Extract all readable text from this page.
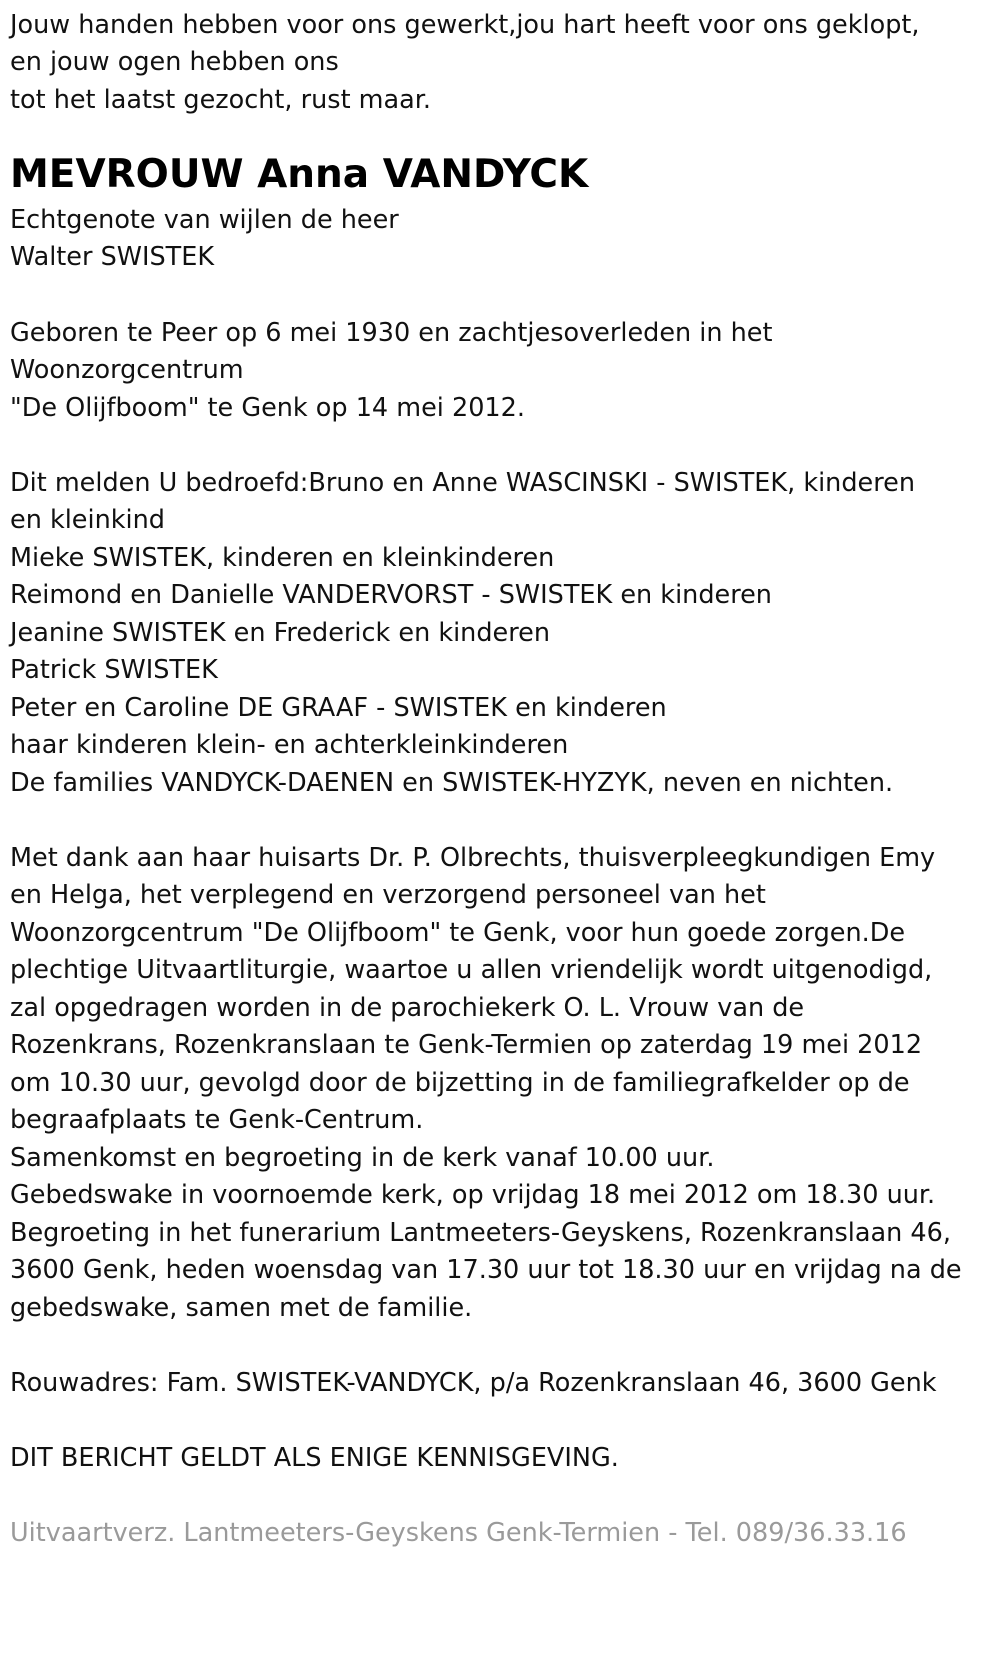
Jouw handen hebben voor ons gewerkt,jou hart heeft voor ons geklopt,

en jouw ogen hebben ons

tot het laatst gezocht, rust maar.

MEVROUW Anna VANDYCK

Echtgenote van wijlen de heer

Walter SWISTEK

Geboren te Peer op 6 mei 1930 en zachtjesoverleden in het

Woonzorgcentrum

"De Olijfboom" te Genk op 14 mei 2012.

Dit melden U bedroefd:Bruno en Anne WASCINSKI - SWISTEK, kinderen

en kleinkind

Mieke SWISTEK, kinderen en kleinkinderen

Reimond en Danielle VANDERVORST - SWISTEK en kinderen

Jeanine SWISTEK en Frederick en kinderen

Patrick SWISTEK

Peter en Caroline DE GRAAF - SWISTEK en kinderen

haar kinderen klein- en achterkleinkinderen

De families VANDYCK-DAENEN en SWISTEK-HYZYK, neven en nichten.

Met dank aan haar huisarts Dr. P. Olbrechts, thuisverpleegkundigen Emy

en Helga, het verplegend en verzorgend personeel van het

Woonzorgcentrum "De Olijfboom" te Genk, voor hun goede zorgen.De

plechtige Uitvaartliturgie, waartoe u allen vriendelijk wordt uitgenodigd,

zal opgedragen worden in de parochiekerk O. L. Vrouw van de

Rozenkrans, Rozenkranslaan te Genk-Termien op zaterdag 19 mei 2012

om 10.30 uur, gevolgd door de bijzetting in de familiegrafkelder op de

begraafplaats te Genk-Centrum.

Samenkomst en begroeting in de kerk vanaf 10.00 uur.

Gebedswake in voornoemde kerk, op vrijdag 18 mei 2012 om 18.30 uur.

Begroeting in het funerarium Lantmeeters-Geyskens, Rozenkranslaan 46,

3600 Genk, heden woensdag van 17.30 uur tot 18.30 uur en vrijdag na de

gebedswake, samen met de familie.

Rouwadres: Fam. SWISTEK-VANDYCK, p/a Rozenkranslaan 46, 3600 Genk

DIT BERICHT GELDT ALS ENIGE KENNISGEVING.

Uitvaartverz. Lantmeeters-Geyskens Genk-Termien - Tel. 089/36.33.16
